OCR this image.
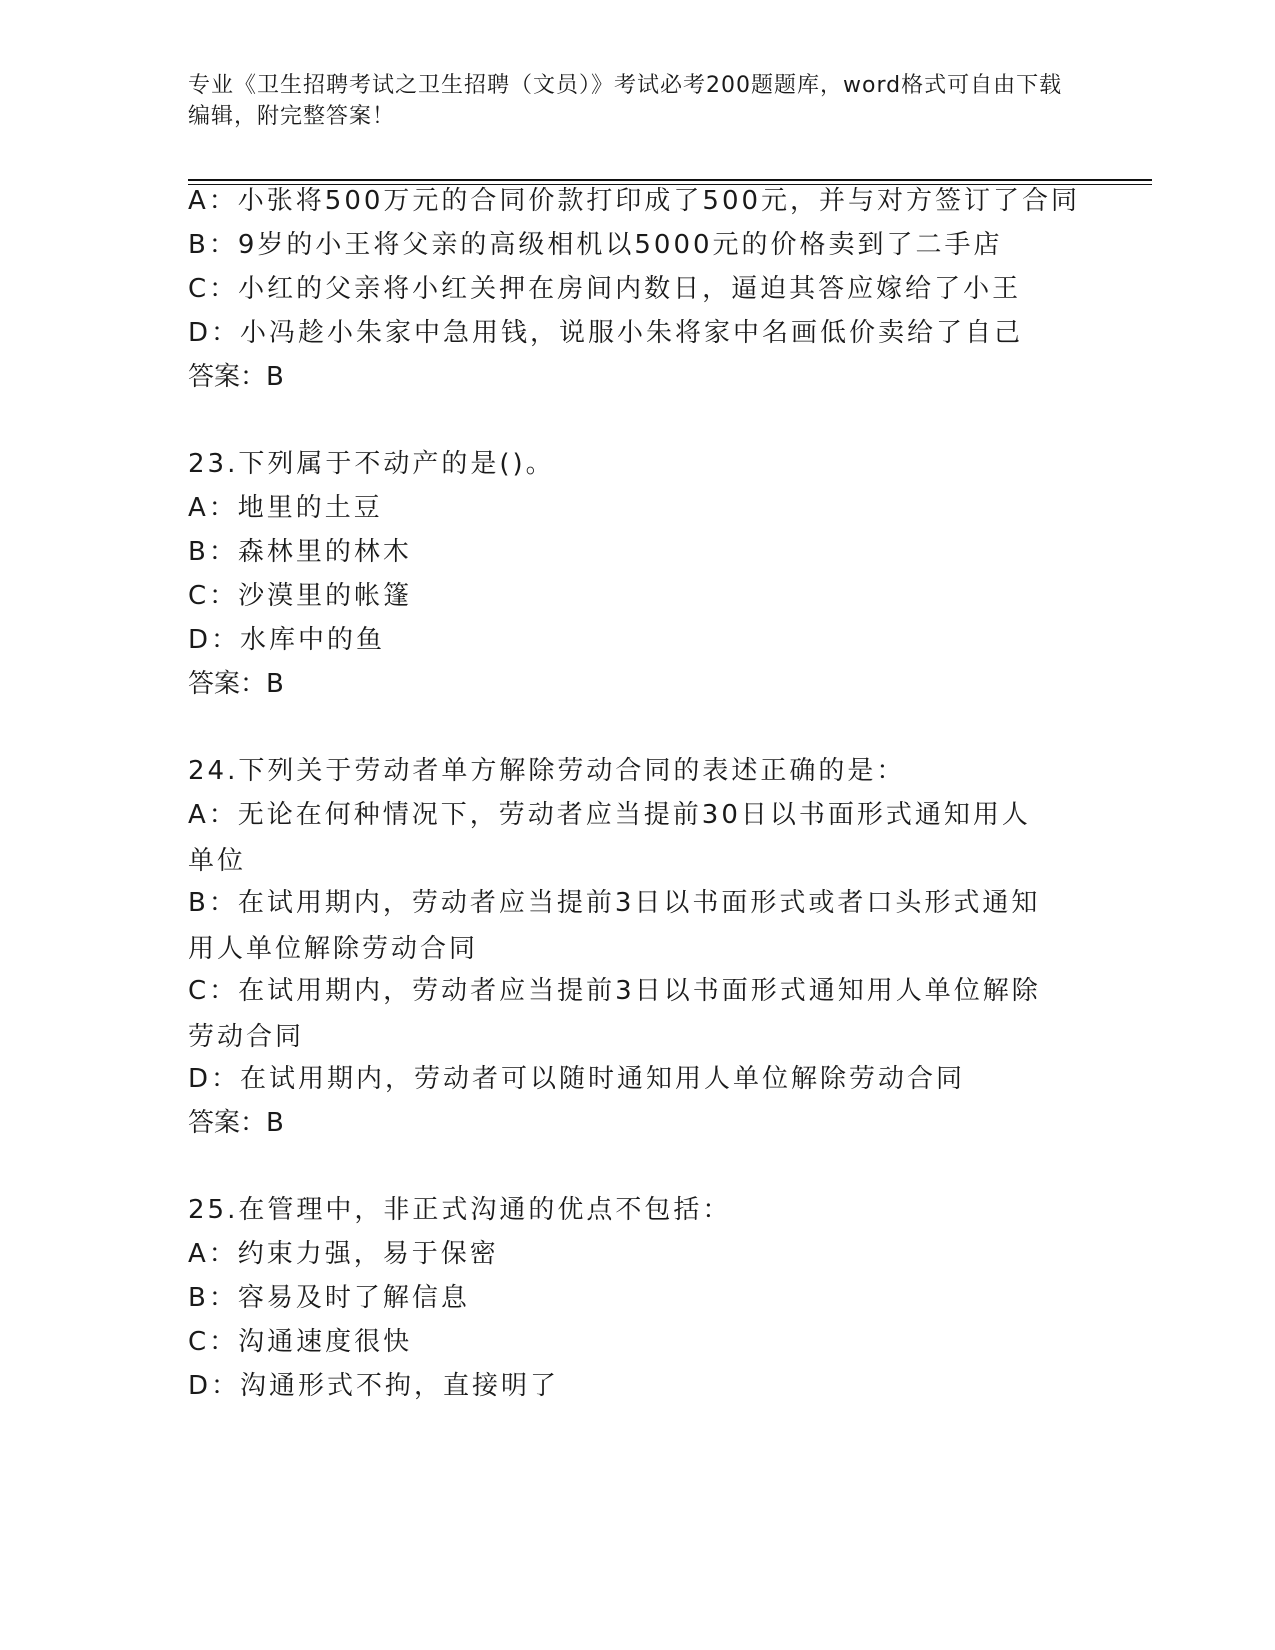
专业《卫生招聘考试之卫生招聘（文员）》考试必考200题题库，word格式可自由下载编辑，附完整答案！
A：小张将500万元的合同价款打印成了500元，并与对方签订了合同
B：9岁的小王将父亲的高级相机以5000元的价格卖到了二手店
C：小红的父亲将小红关押在房间内数日，逼迫其答应嫁给了小王
D：小冯趁小朱家中急用钱，说服小朱将家中名画低价卖给了自己
答案：B
23.下列属于不动产的是()。
A：地里的土豆
B：森林里的林木
C：沙漠里的帐篷
D：水库中的鱼
答案：B
24.下列关于劳动者单方解除劳动合同的表述正确的是：
A：无论在何种情况下，劳动者应当提前30日以书面形式通知用人单位
B：在试用期内，劳动者应当提前3日以书面形式或者口头形式通知用人单位解除劳动合同
C：在试用期内，劳动者应当提前3日以书面形式通知用人单位解除劳动合同
D：在试用期内，劳动者可以随时通知用人单位解除劳动合同
答案：B
25.在管理中，非正式沟通的优点不包括：
A：约束力强，易于保密
B：容易及时了解信息
C：沟通速度很快
D：沟通形式不拘，直接明了
